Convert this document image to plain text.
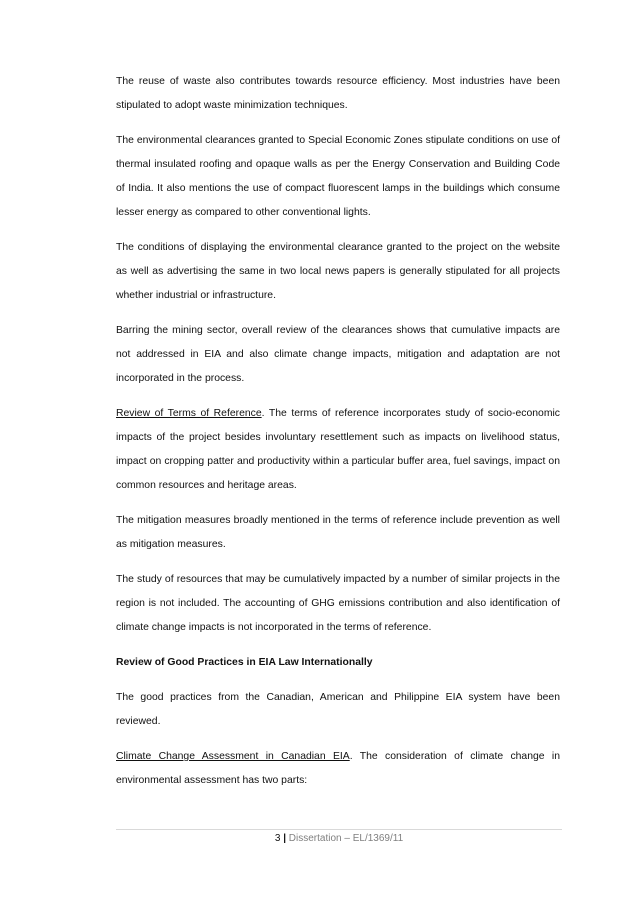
The reuse of waste also contributes towards resource efficiency. Most industries have been stipulated to adopt waste minimization techniques.

The environmental clearances granted to Special Economic Zones stipulate conditions on use of thermal insulated roofing and opaque walls as per the Energy Conservation and Building Code of India. It also mentions the use of compact fluorescent lamps in the buildings which consume lesser energy as compared to other conventional lights.

The conditions of displaying the environmental clearance granted to the project on the website as well as advertising the same in two local news papers is generally stipulated for all projects whether industrial or infrastructure.

Barring the mining sector, overall review of the clearances shows that cumulative impacts are not addressed in EIA and also climate change impacts, mitigation and adaptation are not incorporated in the process.

Review of Terms of Reference. The terms of reference incorporates study of socio-economic impacts of the project besides involuntary resettlement such as impacts on livelihood status, impact on cropping patter and productivity within a particular buffer area, fuel savings, impact on common resources and heritage areas.

The mitigation measures broadly mentioned in the terms of reference include prevention as well as mitigation measures.

The study of resources that may be cumulatively impacted by a number of similar projects in the region is not included. The accounting of GHG emissions contribution and also identification of climate change impacts is not incorporated in the terms of reference.

Review of Good Practices in EIA Law Internationally

The good practices from the Canadian, American and Philippine EIA system have been reviewed.

Climate Change Assessment in Canadian EIA. The consideration of climate change in environmental assessment has two parts:

3 | Dissertation – EL/1369/11
